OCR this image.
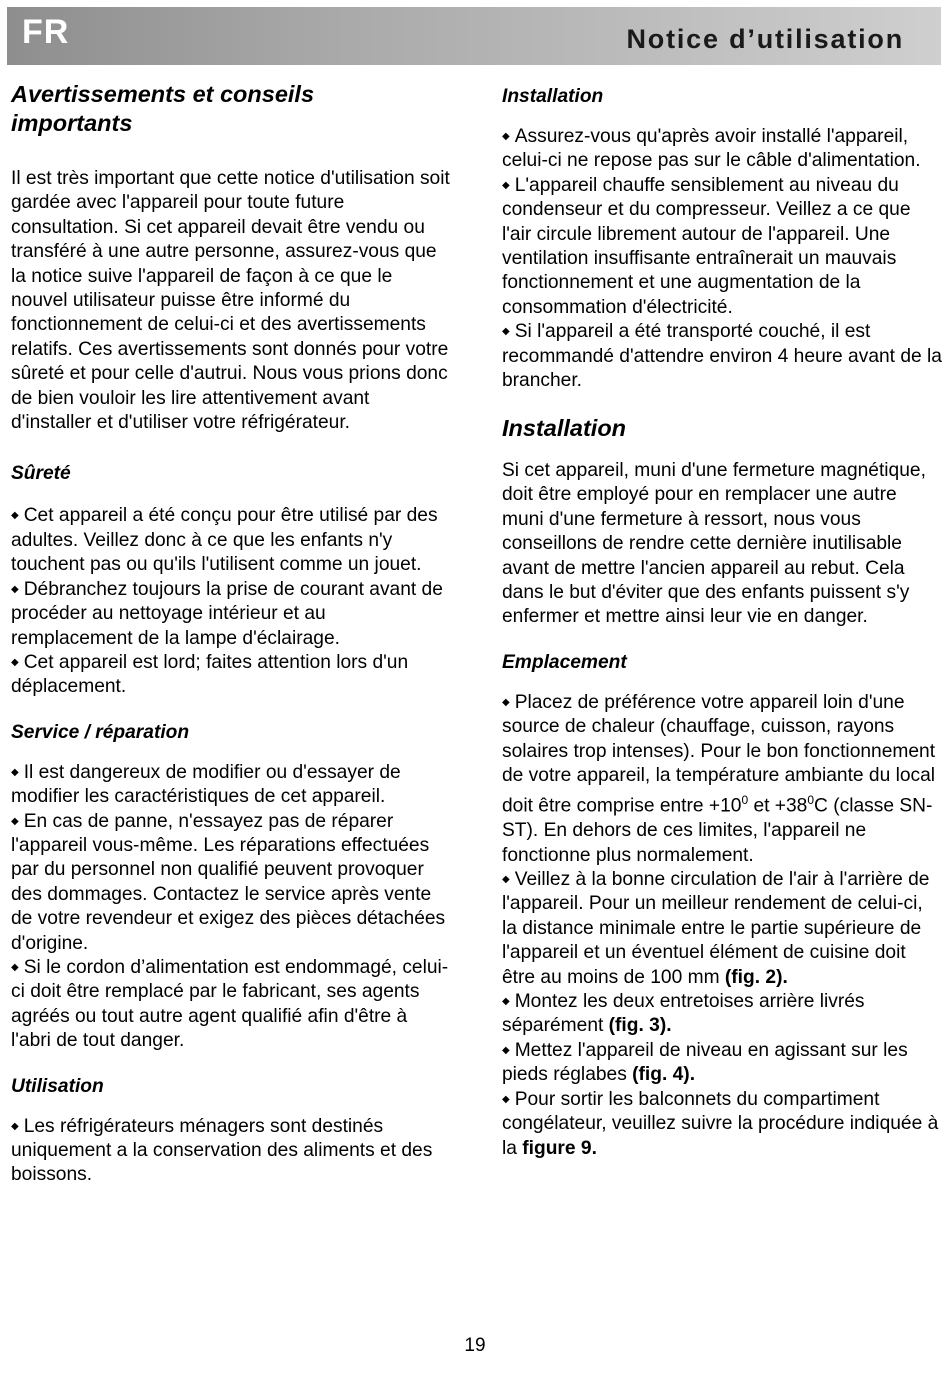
FR	Notice d’utilisation
Avertissements et conseils importants

Il est très important que cette notice d'utilisation soit gardée avec l'appareil pour toute future consultation. Si cet appareil devait être vendu ou transféré à une autre personne, assurez-vous que la notice suive l'appareil de façon à ce que le nouvel utilisateur puisse être informé du fonctionnement de celui-ci et des avertissements relatifs. Ces avertissements sont donnés pour votre sûreté et pour celle d'autrui. Nous vous prions donc de bien vouloir les lire attentivement avant d'installer et d'utiliser votre réfrigérateur.

Sûreté

◆ Cet appareil a été conçu pour être utilisé par des adultes. Veillez donc à ce que les enfants n'y touchent pas ou qu'ils l'utilisent comme un jouet.

◆ Débranchez toujours la prise de courant avant de procéder au nettoyage intérieur et au remplacement de la lampe d'éclairage.

◆ Cet appareil est lord; faites attention lors d'un déplacement.

Service / réparation

◆ Il est dangereux de modifier ou d'essayer de modifier les caractéristiques de cet appareil.

◆ En cas de panne, n'essayez pas de réparer l'appareil vous-même. Les réparations effectuées par du personnel non qualifié peuvent provoquer des dommages. Contactez le service après vente de votre revendeur et exigez des pièces détachées d'origine.

◆ Si le cordon d’alimentation est endommagé, celui-ci doit être remplacé par le fabricant, ses agents agréés ou tout autre agent qualifié afin d'être à l'abri de tout danger.

Utilisation

◆ Les réfrigérateurs ménagers sont destinés uniquement a la conservation des aliments et des boissons.

Installation

◆ Assurez-vous qu'après avoir installé l'appareil, celui-ci ne repose pas sur le câble d'alimentation.

◆ L'appareil chauffe sensiblement au niveau du condenseur et du compresseur. Veillez a ce que l'air circule librement autour de l'appareil. Une ventilation insuffisante entraînerait un mauvais fonctionnement et une augmentation de la consommation d'électricité.

◆ Si l'appareil a été transporté couché, il est recommandé d'attendre environ 4 heure avant de la brancher.

Installation

Si cet appareil, muni d'une fermeture magnétique, doit être employé pour en remplacer une autre muni d'une fermeture à ressort, nous vous conseillons de rendre cette dernière inutilisable avant de mettre l'ancien appareil au rebut. Cela dans le but d'éviter que des enfants puissent s'y enfermer et mettre ainsi leur vie en danger.

Emplacement

◆ Placez de préférence votre appareil loin d'une source de chaleur (chauffage, cuisson, rayons solaires trop intenses). Pour le bon fonctionnement de votre appareil, la température ambiante du local doit être comprise entre $+10^0$ et $+38^0C$ (classe SN-ST). En dehors de ces limites, l'appareil ne fonctionne plus normalement.

◆ Veillez à la bonne circulation de l'air à l'arrière de l'appareil. Pour un meilleur rendement de celui-ci, la distance minimale entre le partie supérieure de l'appareil et un éventuel élément de cuisine doit être au moins de 100 mm (fig. 2).

◆ Montez les deux entretoises arrière livrés séparément (fig. 3).

◆ Mettez l'appareil de niveau en agissant sur les pieds réglabes (fig. 4).

◆ Pour sortir les balconnets du compartiment congélateur, veuillez suivre la procédure indiquée à la figure 9.

19
